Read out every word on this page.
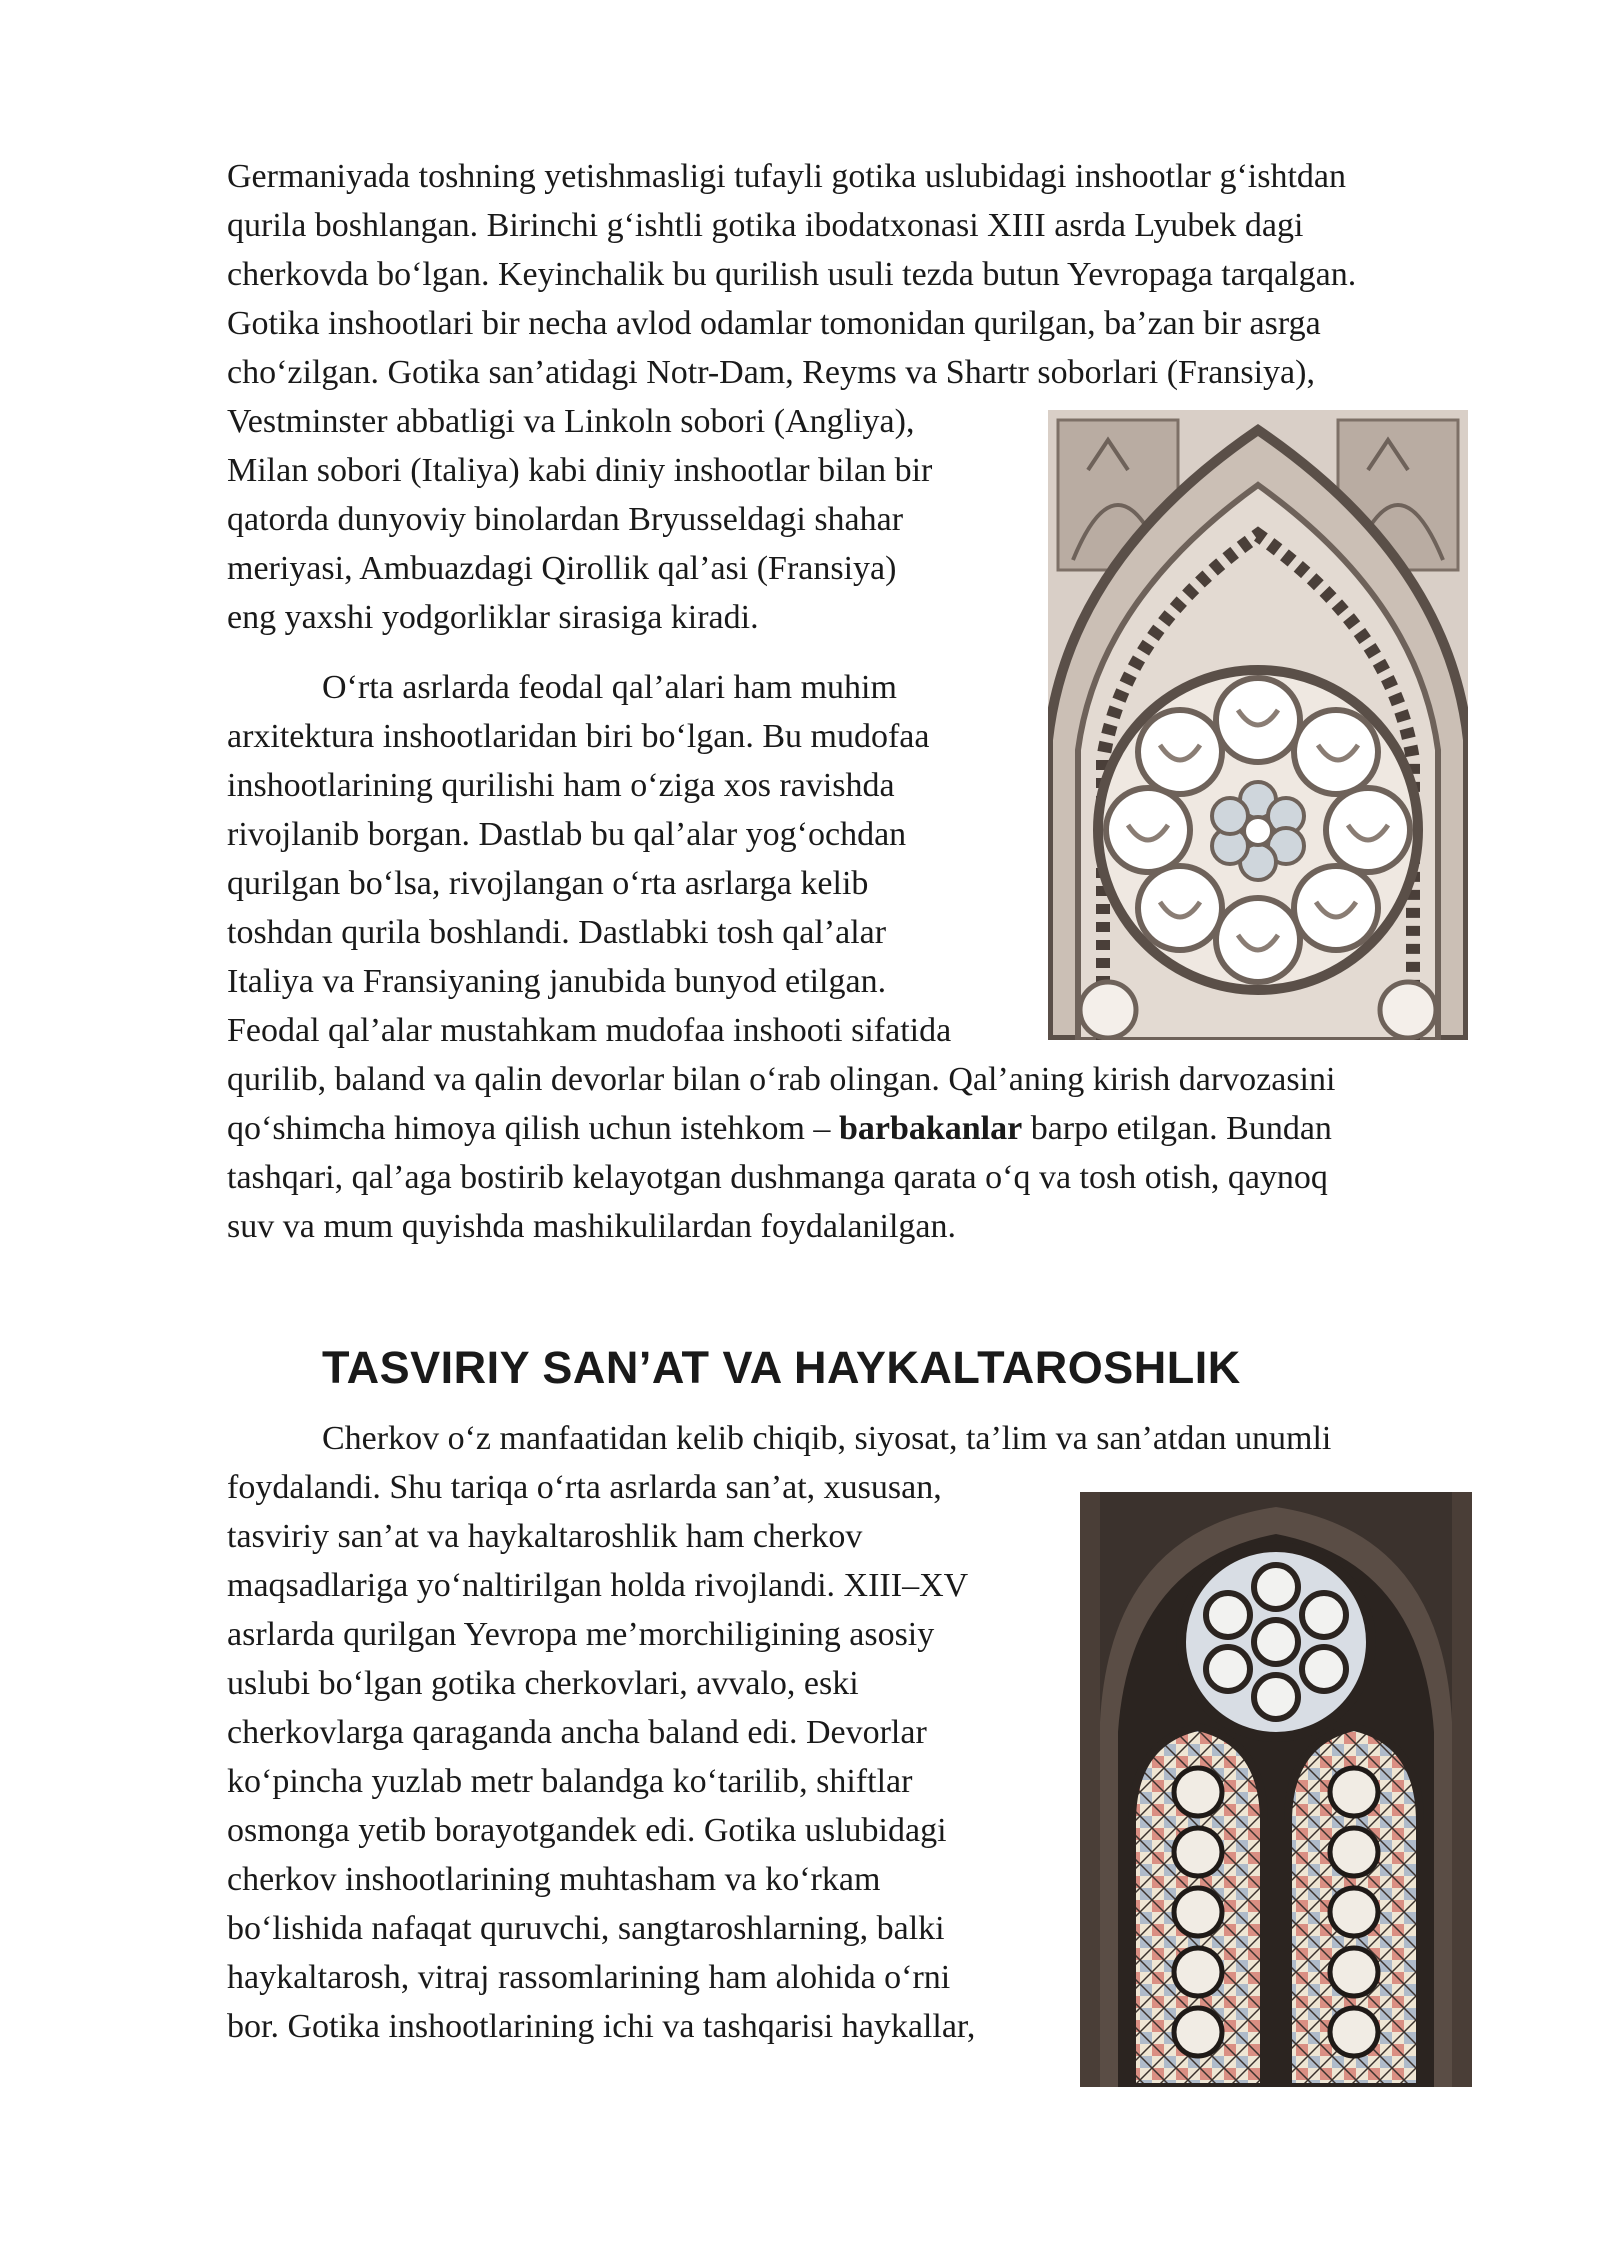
Germaniyada toshning yetishmasligi tufayli gotika uslubidagi inshootlar g‘ishtdan

qurila boshlangan. Birinchi g‘ishtli gotika ibodatxonasi XIII asrda Lyubek dagi

cherkovda bo‘lgan. Keyinchalik bu qurilish usuli tezda butun Yevropaga tarqalgan.

Gotika inshootlari bir necha avlod odamlar tomonidan qurilgan, ba’zan bir asrga

cho‘zilgan. Gotika san’atidagi Notr-Dam, Reyms va Shartr soborlari (Fransiya),

Vestminster abbatligi va Linkoln sobori (Angliya),

Milan sobori (Italiya) kabi diniy inshootlar bilan bir

qatorda dunyoviy binolardan Bryusseldagi shahar

meriyasi, Ambuazdagi Qirollik qal’asi (Fransiya)

eng yaxshi yodgorliklar sirasiga kiradi.

O‘rta asrlarda feodal qal’alari ham muhim

arxitektura inshootlaridan biri bo‘lgan. Bu mudofaa

inshootlarining qurilishi ham o‘ziga xos ravishda

rivojlanib borgan. Dastlab bu qal’alar yog‘ochdan

qurilgan bo‘lsa, rivojlangan o‘rta asrlarga kelib

toshdan qurila boshlandi. Dastlabki tosh qal’alar

Italiya va Fransiyaning janubida bunyod etilgan.

Feodal qal’alar mustahkam mudofaa inshooti sifatida

qurilib, baland va qalin devorlar bilan o‘rab olingan. Qal’aning kirish darvozasini

qo‘shimcha himoya qilish uchun istehkom – barbakanlar barpo etilgan. Bundan

tashqari, qal’aga bostirib kelayotgan dushmanga qarata o‘q va tosh otish, qaynoq

suv va mum quyishda mashikulilardan foydalanilgan.

TASVIRIY SAN’AT VA HAYKALTAROSHLIK

Cherkov o‘z manfaatidan kelib chiqib, siyosat, ta’lim va san’atdan unumli

foydalandi. Shu tariqa o‘rta asrlarda san’at, xususan,

tasviriy san’at va haykaltaroshlik ham cherkov

maqsadlariga yo‘naltirilgan holda rivojlandi. XIII–XV

asrlarda qurilgan Yevropa me’morchiligining asosiy

uslubi bo‘lgan gotika cherkovlari, avvalo, eski

cherkovlarga qaraganda ancha baland edi. Devorlar

ko‘pincha yuzlab metr balandga ko‘tarilib, shiftlar

osmonga yetib borayotgandek edi. Gotika uslubidagi

cherkov inshootlarining muhtasham va ko‘rkam

bo‘lishida nafaqat quruvchi, sangtaroshlarning, balki

haykaltarosh, vitraj rassomlarining ham alohida o‘rni

bor. Gotika inshootlarining ichi va tashqarisi haykallar,
